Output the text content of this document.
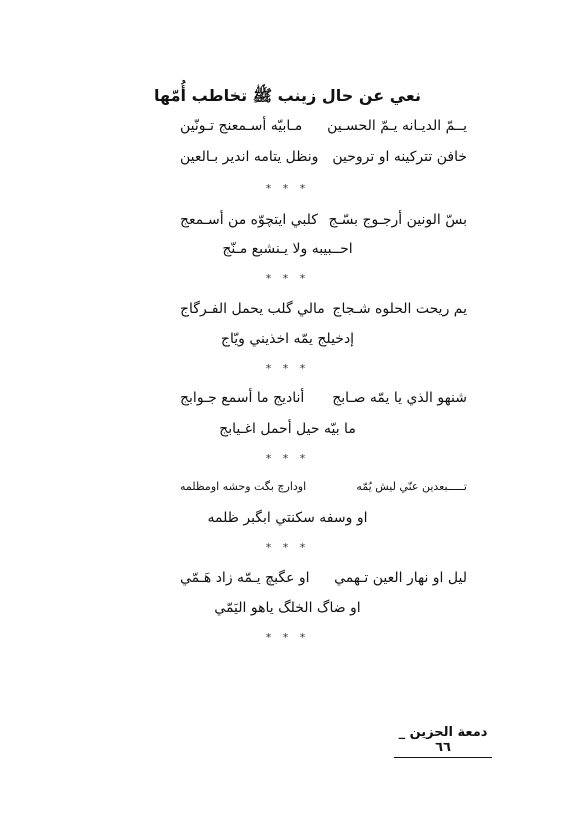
نعي عن حال زينب ﷺ تخاطب أُمّها
يــمّ الديـانه يـمّ الحسـين
مـابيّه أسـمعنج تـونّين
خافن تتركينه او تروحين
ونظل يتامه اندير بـالعين
* * *
بسّ الونين أرجـوج بسّـج
كلبي ايتچوّه من أسـمعج
احــبيبه ولا يـنشبع مـنّج
* * *
يم ريحت الحلوه شـجاج
مالي گلب يحمل الفـرگاج
إدخيلج يمّه اخذيني ويّاج
* * *
شنهو الذي يا يمّه صـابج
أناديج ما أسمع جـوابج
ما بيّه حيل أحمل اغـيابج
* * *
تـــــبعدين عنّي ليش يُمّه
اودارچ بگت وحشه اومظلمه
او وسفه سكنتي ابگبر ظلمه
* * *
ليل او نهار العين تـهمي
او عگبچ يـمّه زاد هَـمّي
او ضاگ الخلگ ياهو اليَمّي
* * *
دمعة الحزين _ ٦٦
